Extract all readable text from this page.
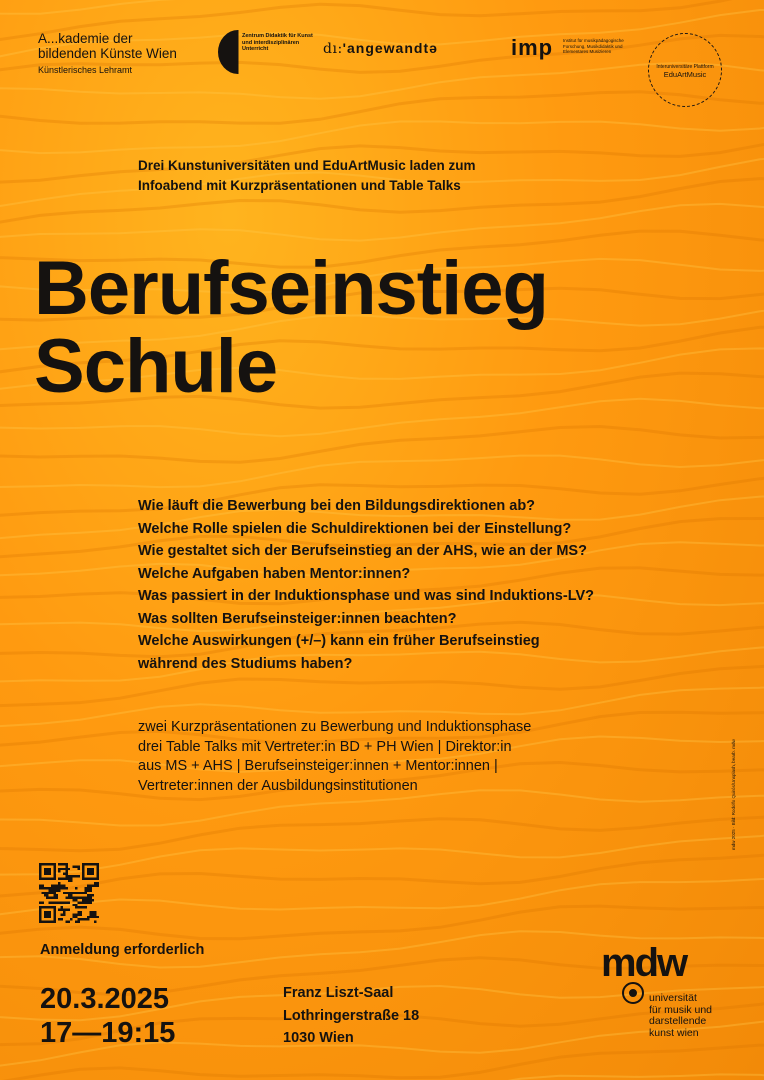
A...kademie der
bildenden Künste Wien
Künstlerisches Lehramt
Zentrum Didaktik für Kunst und interdisziplinären Unterricht	dı:'angewandtə	imp Institut für musikpädagogische Forschung, Musikdidaktik und Elementares Musizieren
Interuniversitäre Plattform
EduArtMusic
Drei Kunstuniversitäten und EduArtMusic laden zum
Infoabend mit Kurzpräsentationen und Table Talks
Berufseinstieg
Schule
Wie läuft die Bewerbung bei den Bildungsdirektionen ab?
Welche Rolle spielen die Schuldirektionen bei der Einstellung?
Wie gestaltet sich der Berufseinstieg an der AHS, wie an der MS?
Welche Aufgaben haben Mentor:innen?
Was passiert in der Induktionsphase und was sind Induktions-LV?
Was sollten Berufseinsteiger:innen beachten?
Welche Auswirkungen (+/–) kann ein früher Berufseinstieg
während des Studiums haben?
zwei Kurzpräsentationen zu Bewerbung und Induktionsphase
drei Table Talks mit Vertreter:in BD + PH Wien | Direktor:in
aus MS + AHS | Berufseinsteiger:innen + Mentor:innen |
Vertreter:innen der Ausbildungsinstitutionen	mdw 2025 · Bild: Rodolfo Quirós/Unsplash, bearb. mdw
Anmeldung erforderlich
20.3.2025
17—19:15
Franz Liszt-Saal
Lothringerstraße 18
1030 Wien
mdw
universität
für musik und
darstellende
kunst wien
